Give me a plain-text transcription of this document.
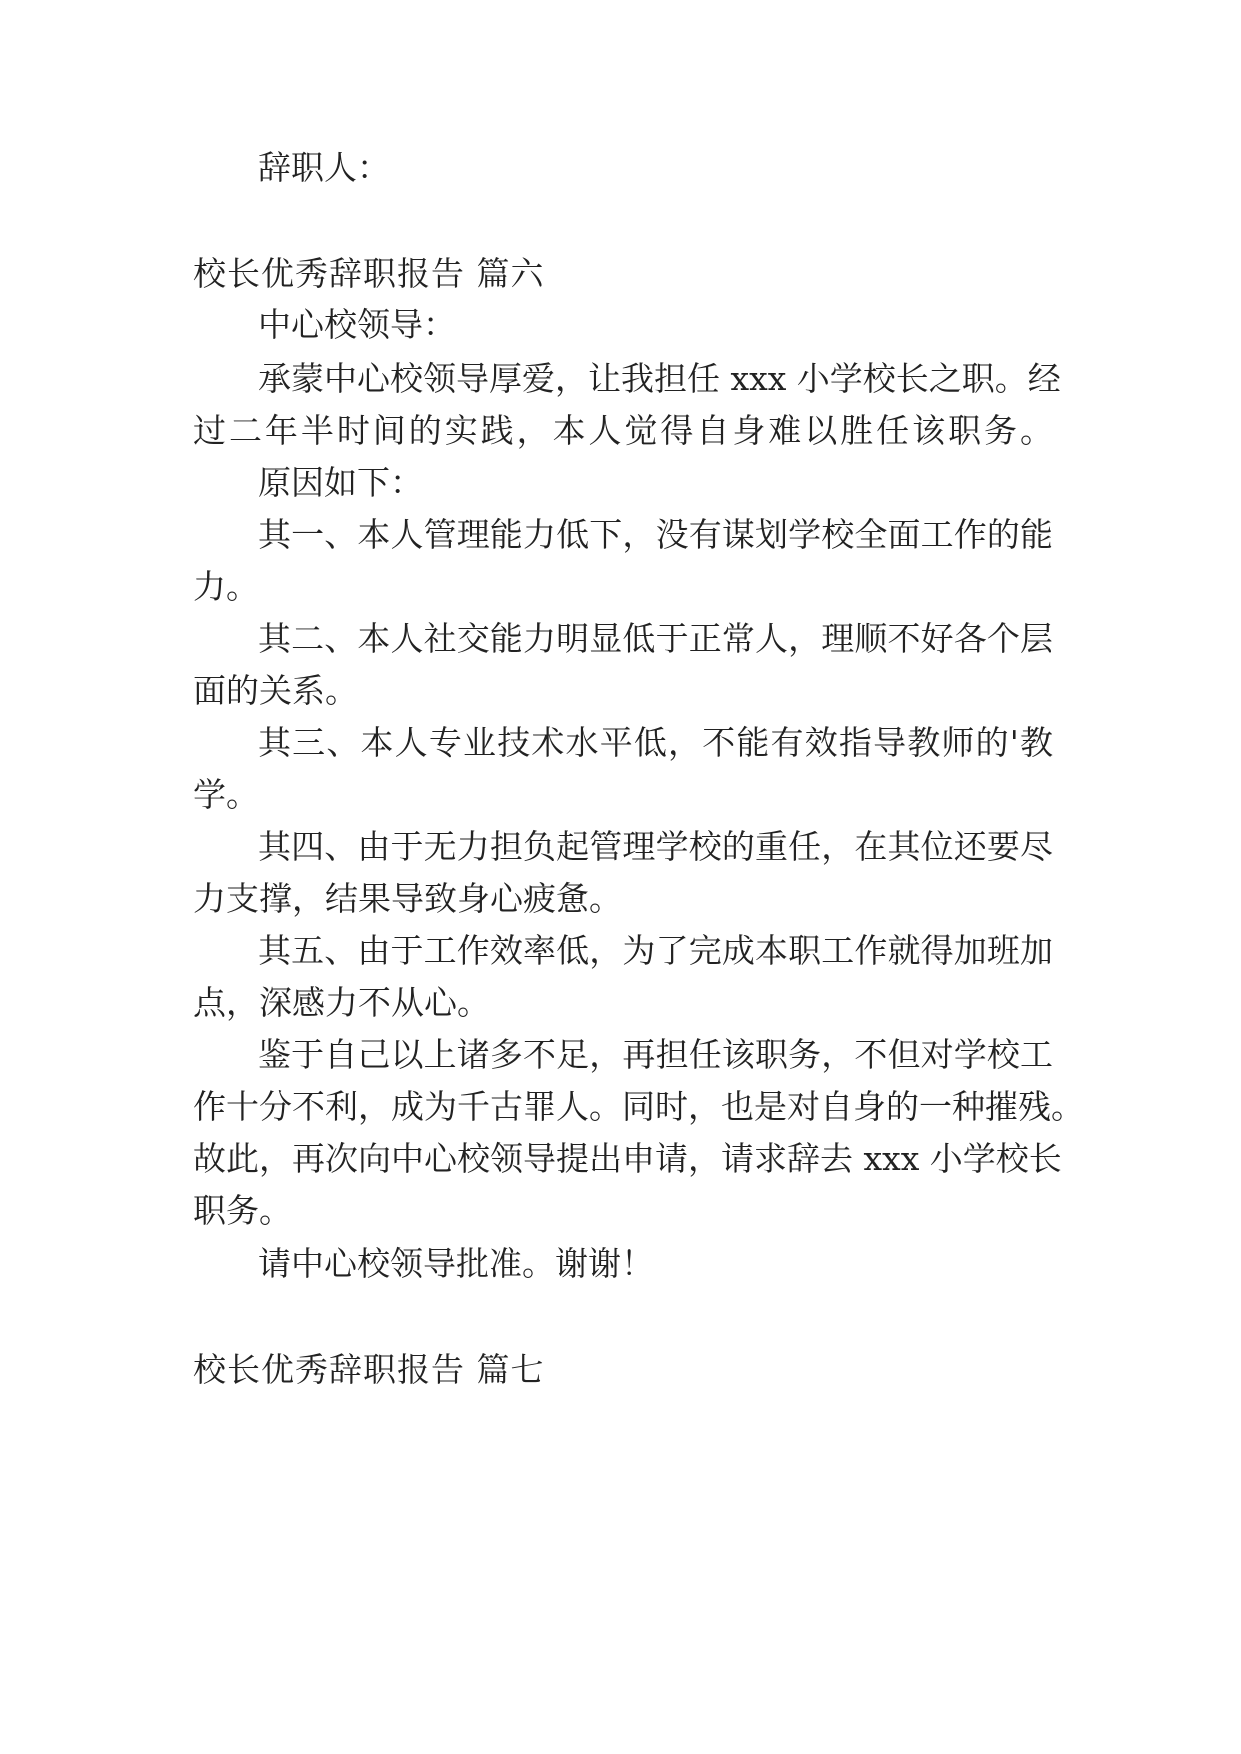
辞职人：
校长优秀辞职报告 篇六
中心校领导：
承蒙中心校领导厚爱，让我担任 xxx 小学校长之职。经
过二年半时间的实践，本人觉得自身难以胜任该职务。
原因如下：
其一、本人管理能力低下，没有谋划学校全面工作的能
力。
其二、本人社交能力明显低于正常人，理顺不好各个层
面的关系。
其三、本人专业技术水平低，不能有效指导教师的'教
学。
其四、由于无力担负起管理学校的重任，在其位还要尽
力支撑，结果导致身心疲惫。
其五、由于工作效率低，为了完成本职工作就得加班加
点，深感力不从心。
鉴于自己以上诸多不足，再担任该职务，不但对学校工
作十分不利，成为千古罪人。同时，也是对自身的一种摧残。
故此，再次向中心校领导提出申请，请求辞去 xxx 小学校长
职务。
请中心校领导批准。谢谢！
校长优秀辞职报告 篇七
